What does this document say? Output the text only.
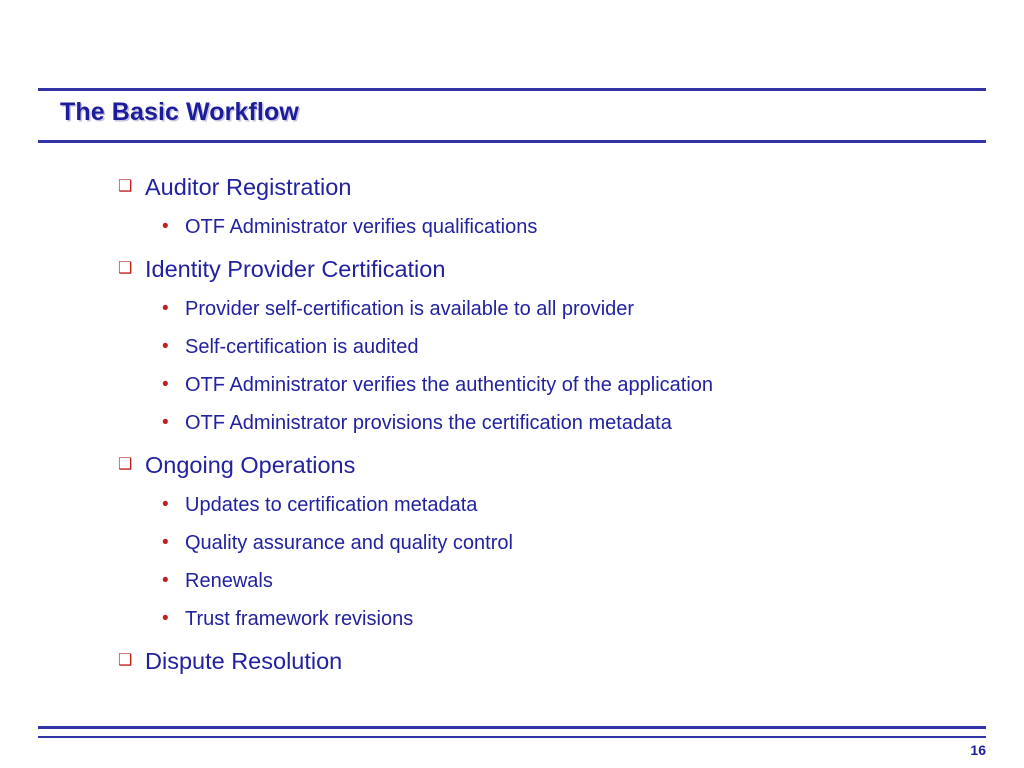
The Basic Workflow

❑ Auditor Registration

• OTF Administrator verifies qualifications

❑ Identity Provider Certification

• Provider self-certification is available to all provider

• Self-certification is audited

• OTF Administrator verifies the authenticity of the application

• OTF Administrator provisions the certification metadata

❑ Ongoing Operations

• Updates to certification metadata

• Quality assurance and quality control

• Renewals

• Trust framework revisions

❑ Dispute Resolution

16
